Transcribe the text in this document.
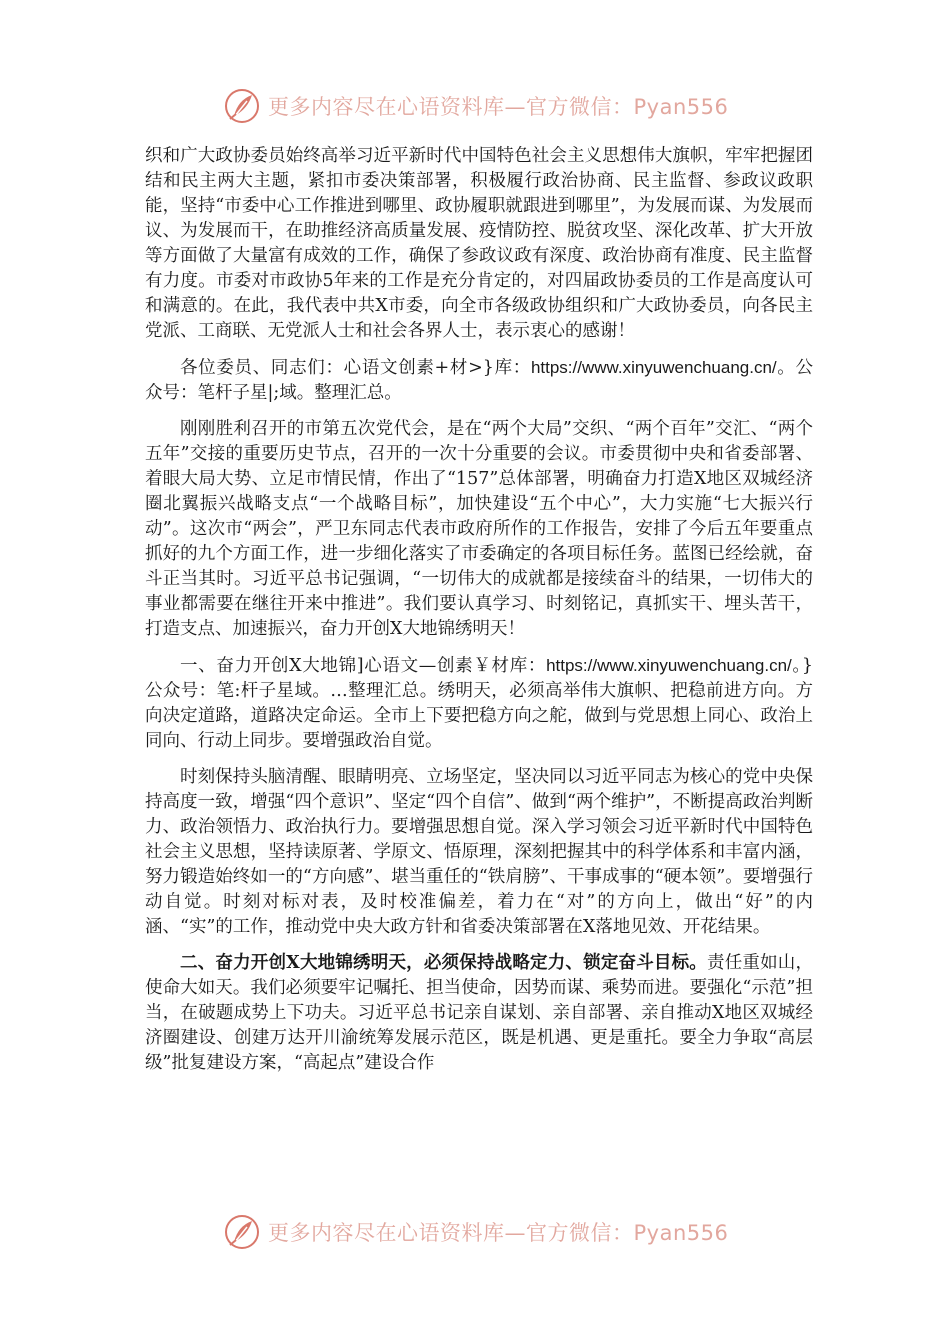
更多内容尽在心语资料库—官方微信：Pyan556

织和广大政协委员始终高举习近平新时代中国特色社会主义思想伟大旗帜，牢牢把握团结和民主两大主题，紧扣市委决策部署，积极履行政治协商、民主监督、参政议政职能，坚持“市委中心工作推进到哪里、政协履职就跟进到哪里”，为发展而谋、为发展而议、为发展而干，在助推经济高质量发展、疫情防控、脱贫攻坚、深化改革、扩大开放等方面做了大量富有成效的工作，确保了参政议政有深度、政治协商有准度、民主监督有力度。市委对市政协5年来的工作是充分肯定的，对四届政协委员的工作是高度认可和满意的。在此，我代表中共X市委，向全市各级政协组织和广大政协委员，向各民主党派、工商联、无党派人士和社会各界人士，表示衷心的感谢！

各位委员、同志们：心语文创素+材>}库：https://www.xinyuwenchuang.cn/。公众号：笔杆子星|;域。整理汇总。

刚刚胜利召开的市第五次党代会，是在“两个大局”交织、“两个百年”交汇、“两个五年”交接的重要历史节点，召开的一次十分重要的会议。市委贯彻中央和省委部署、着眼大局大势、立足市情民情，作出了“157”总体部署，明确奋力打造X地区双城经济圈北翼振兴战略支点“一个战略目标”，加快建设“五个中心”，大力实施“七大振兴行动”。这次市“两会”，严卫东同志代表市政府所作的工作报告，安排了今后五年要重点抓好的九个方面工作，进一步细化落实了市委确定的各项目标任务。蓝图已经绘就，奋斗正当其时。习近平总书记强调，“一切伟大的成就都是接续奋斗的结果，一切伟大的事业都需要在继往开来中推进”。我们要认真学习、时刻铭记，真抓实干、埋头苦干，打造支点、加速振兴，奋力开创X大地锦绣明天！

一、奋力开创X大地锦]心语文—创素￥材库：https://www.xinyuwenchuang.cn/。}公众号：笔:杆子星域。…整理汇总。绣明天，必须高举伟大旗帜、把稳前进方向。方向决定道路，道路决定命运。全市上下要把稳方向之舵，做到与党思想上同心、政治上同向、行动上同步。要增强政治自觉。

时刻保持头脑清醒、眼睛明亮、立场坚定，坚决同以习近平同志为核心的党中央保持高度一致，增强“四个意识”、坚定“四个自信”、做到“两个维护”，不断提高政治判断力、政治领悟力、政治执行力。要增强思想自觉。深入学习领会习近平新时代中国特色社会主义思想，坚持读原著、学原文、悟原理，深刻把握其中的科学体系和丰富内涵，努力锻造始终如一的“方向感”、堪当重任的“铁肩膀”、干事成事的“硬本领”。要增强行动自觉。时刻对标对表，及时校准偏差，着力在“对”的方向上，做出“好”的内涵、“实”的工作，推动党中央大政方针和省委决策部署在X落地见效、开花结果。

二、奋力开创X大地锦绣明天，必须保持战略定力、锁定奋斗目标。责任重如山，使命大如天。我们必须要牢记嘱托、担当使命，因势而谋、乘势而进。要强化“示范”担当，在破题成势上下功夫。习近平总书记亲自谋划、亲自部署、亲自推动X地区双城经济圈建设、创建万达开川渝统筹发展示范区，既是机遇、更是重托。要全力争取“高层级”批复建设方案，“高起点”建设合作

更多内容尽在心语资料库—官方微信：Pyan556
